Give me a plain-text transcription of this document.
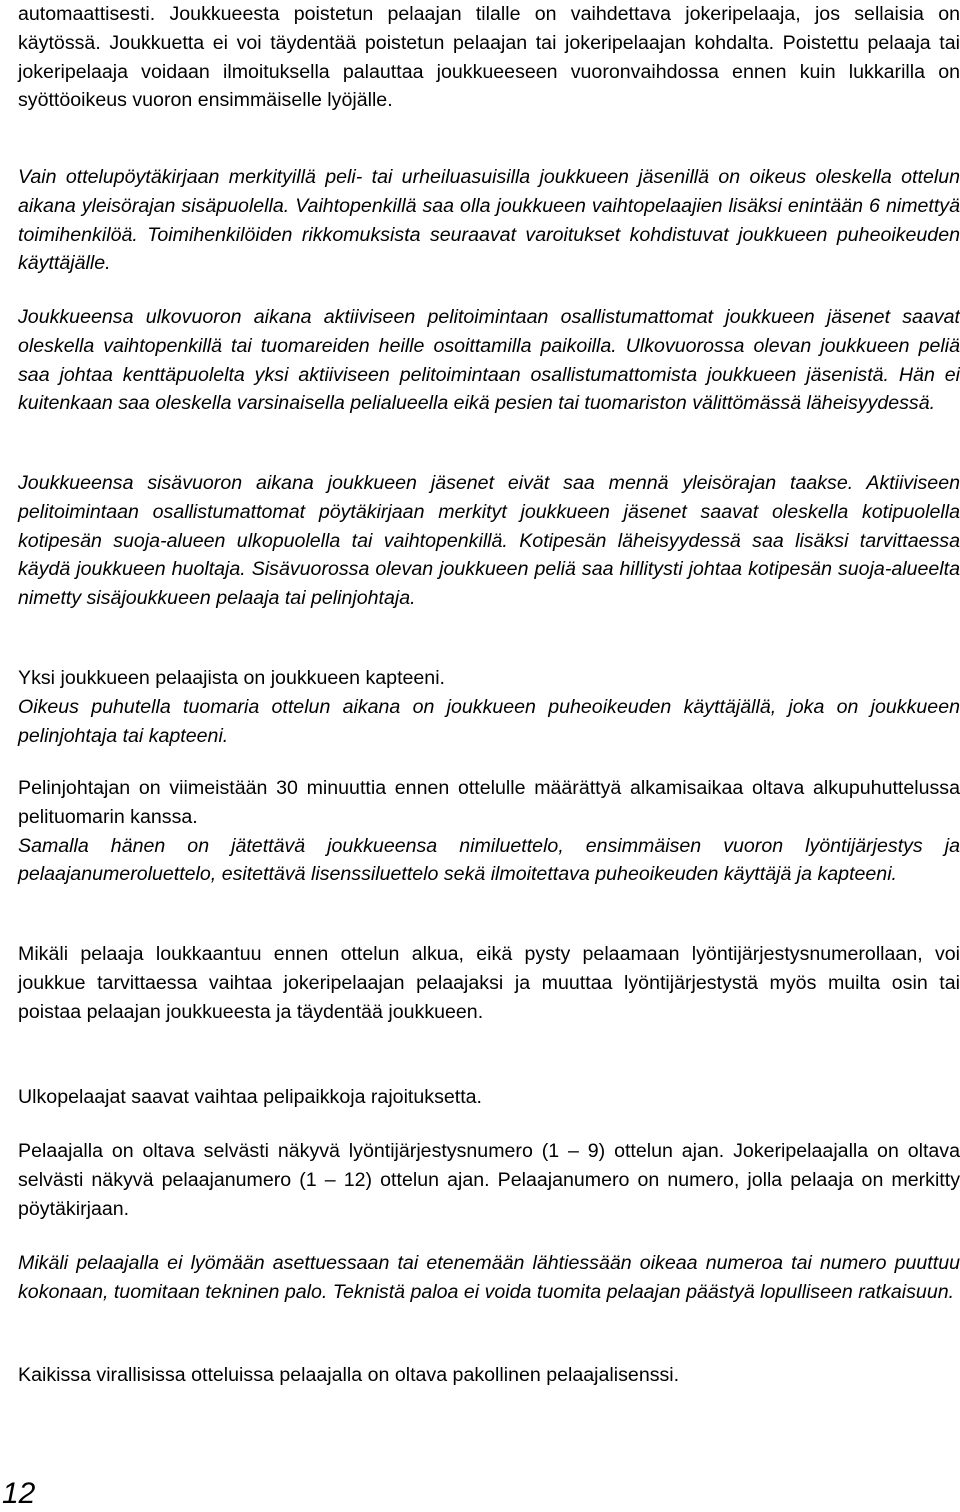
automaattisesti. Joukkueesta poistetun pelaajan tilalle on vaihdettava jokeripelaaja, jos sellaisia on käytössä. Joukkuetta ei voi täydentää poistetun pelaajan tai jokeripelaajan kohdalta. Poistettu pelaaja tai jokeripelaaja voidaan ilmoituksella palauttaa joukkueeseen vuoronvaihdossa ennen kuin lukkarilla on syöttöoikeus vuoron ensimmäiselle lyöjälle.

Vain ottelupöytäkirjaan merkityillä peli- tai urheiluasuisilla joukkueen jäsenillä on oikeus oleskella ottelun aikana yleisörajan sisäpuolella. Vaihtopenkillä saa olla joukkueen vaihtopelaajien lisäksi enintään 6 nimettyä toimihenkilöä. Toimihenkilöiden rikkomuksista seuraavat varoitukset kohdistuvat joukkueen puheoikeuden käyttäjälle.

Joukkueensa ulkovuoron aikana aktiiviseen pelitoimintaan osallistumattomat joukkueen jäsenet saavat oleskella vaihtopenkillä tai tuomareiden heille osoittamilla paikoilla. Ulkovuorossa olevan joukkueen peliä saa johtaa kenttäpuolelta yksi aktiiviseen pelitoimintaan osallistumattomista joukkueen jäsenistä. Hän ei kuitenkaan saa oleskella varsinaisella pelialueella eikä pesien tai tuomariston välittömässä läheisyydessä.

Joukkueensa sisävuoron aikana joukkueen jäsenet eivät saa mennä yleisörajan taakse. Aktiiviseen pelitoimintaan osallistumattomat pöytäkirjaan merkityt joukkueen jäsenet saavat oleskella kotipuolella kotipesän suoja-alueen ulkopuolella tai vaihtopenkillä. Kotipesän läheisyydessä saa lisäksi tarvittaessa käydä joukkueen huoltaja. Sisävuorossa olevan joukkueen peliä saa hillitysti johtaa kotipesän suoja-alueelta nimetty sisäjoukkueen pelaaja tai pelinjohtaja.

Yksi joukkueen pelaajista on joukkueen kapteeni.
Oikeus puhutella tuomaria ottelun aikana on joukkueen puheoikeuden käyttäjällä, joka on joukkueen pelinjohtaja tai kapteeni.

Pelinjohtajan on viimeistään 30 minuuttia ennen ottelulle määrättyä alkamisaikaa oltava alkupuhuttelussa pelituomarin kanssa.
Samalla hänen on jätettävä joukkueensa nimiluettelo, ensimmäisen vuoron lyöntijärjestys ja pelaajanumeroluettelo, esitettävä lisenssiluettelo sekä ilmoitettava puheoikeuden käyttäjä ja kapteeni.

Mikäli pelaaja loukkaantuu ennen ottelun alkua, eikä pysty pelaamaan lyöntijärjestysnumerollaan, voi joukkue tarvittaessa vaihtaa jokeripelaajan pelaajaksi ja muuttaa lyöntijärjestystä myös muilta osin tai poistaa pelaajan joukkueesta ja täydentää joukkueen.

Ulkopelaajat saavat vaihtaa pelipaikkoja rajoituksetta.

Pelaajalla on oltava selvästi näkyvä lyöntijärjestysnumero (1 – 9) ottelun ajan. Jokeripelaajalla on oltava selvästi näkyvä pelaajanumero (1 – 12) ottelun ajan. Pelaajanumero on numero, jolla pelaaja on merkitty pöytäkirjaan.

Mikäli pelaajalla ei lyömään asettuessaan tai etenemään lähtiessään oikeaa numeroa tai numero puuttuu kokonaan, tuomitaan tekninen palo. Teknistä paloa ei voida tuomita pelaajan päästyä lopulliseen ratkaisuun.

Kaikissa virallisissa otteluissa pelaajalla on oltava pakollinen pelaajalisenssi.

12
